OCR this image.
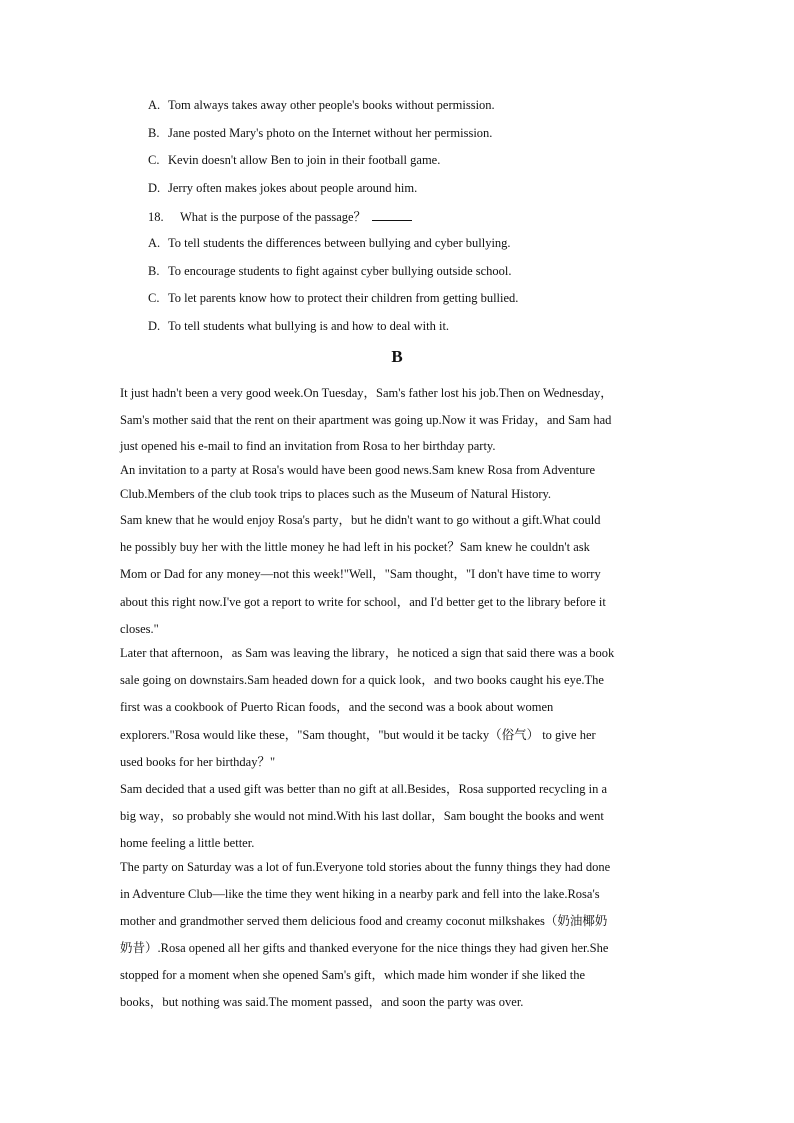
A. Tom always takes away other people's books without permission.
B. Jane posted Mary's photo on the Internet without her permission.
C. Kevin doesn't allow Ben to join in their football game.
D. Jerry often makes jokes about people around him.
18. What is the purpose of the passage？
A. To tell students the differences between bullying and cyber bullying.
B. To encourage students to fight against cyber bullying outside school.
C. To let parents know how to protect their children from getting bullied.
D. To tell students what bullying is and how to deal with it.
B
It just hadn't been a very good week.On Tuesday，Sam's father lost his job.Then on Wednesday，
Sam's mother said that the rent on their apartment was going up.Now it was Friday，and Sam had
just opened his e-mail to find an invitation from Rosa to her birthday party.
An invitation to a party at Rosa's would have been good news.Sam knew Rosa from Adventure
Club.Members of the club took trips to places such as the Museum of Natural History.
Sam knew that he would enjoy Rosa's party，but he didn't want to go without a gift.What could
he possibly buy her with the little money he had left in his pocket？Sam knew he couldn't ask
Mom or Dad for any money—not this week!"Well，"Sam thought，"I don't have time to worry
about this right now.I've got a report to write for school，and I'd better get to the library before it
closes."
Later that afternoon，as Sam was leaving the library，he noticed a sign that said there was a book
sale going on downstairs.Sam headed down for a quick look，and two books caught his eye.The
first was a cookbook of Puerto Rican foods，and the second was a book about women
explorers."Rosa would like these，"Sam thought，"but would it be tacky（俗气） to give her
used books for her birthday？"
Sam decided that a used gift was better than no gift at all.Besides，Rosa supported recycling in a
big way，so probably she would not mind.With his last dollar，Sam bought the books and went
home feeling a little better.
The party on Saturday was a lot of fun.Everyone told stories about the funny things they had done
in Adventure Club—like the time they went hiking in a nearby park and fell into the lake.Rosa's
mother and grandmother served them delicious food and creamy coconut milkshakes（奶油椰奶
奶昔）.Rosa opened all her gifts and thanked everyone for the nice things they had given her.She
stopped for a moment when she opened Sam's gift，which made him wonder if she liked the
books，but nothing was said.The moment passed，and soon the party was over.
